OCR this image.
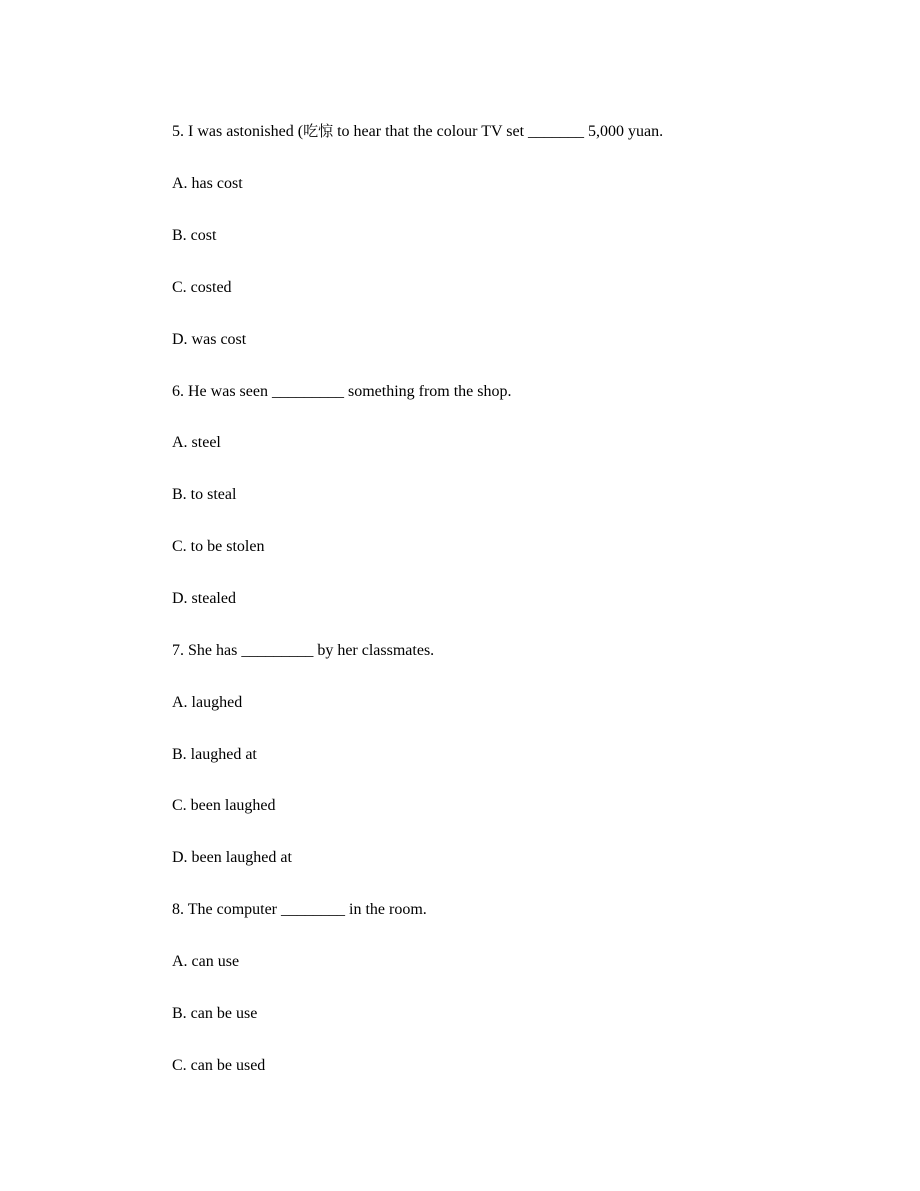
5. I was astonished (吃惊 to hear that the colour TV set _______ 5,000 yuan.
A. has cost
B. cost
C. costed
D. was cost
6. He was seen _________ something from the shop.
A. steel
B. to steal
C. to be stolen
D. stealed
7. She has _________ by her classmates.
A. laughed
B. laughed at
C. been laughed
D. been laughed at
8. The computer ________ in the room.
A. can use
B. can be use
C. can be used
